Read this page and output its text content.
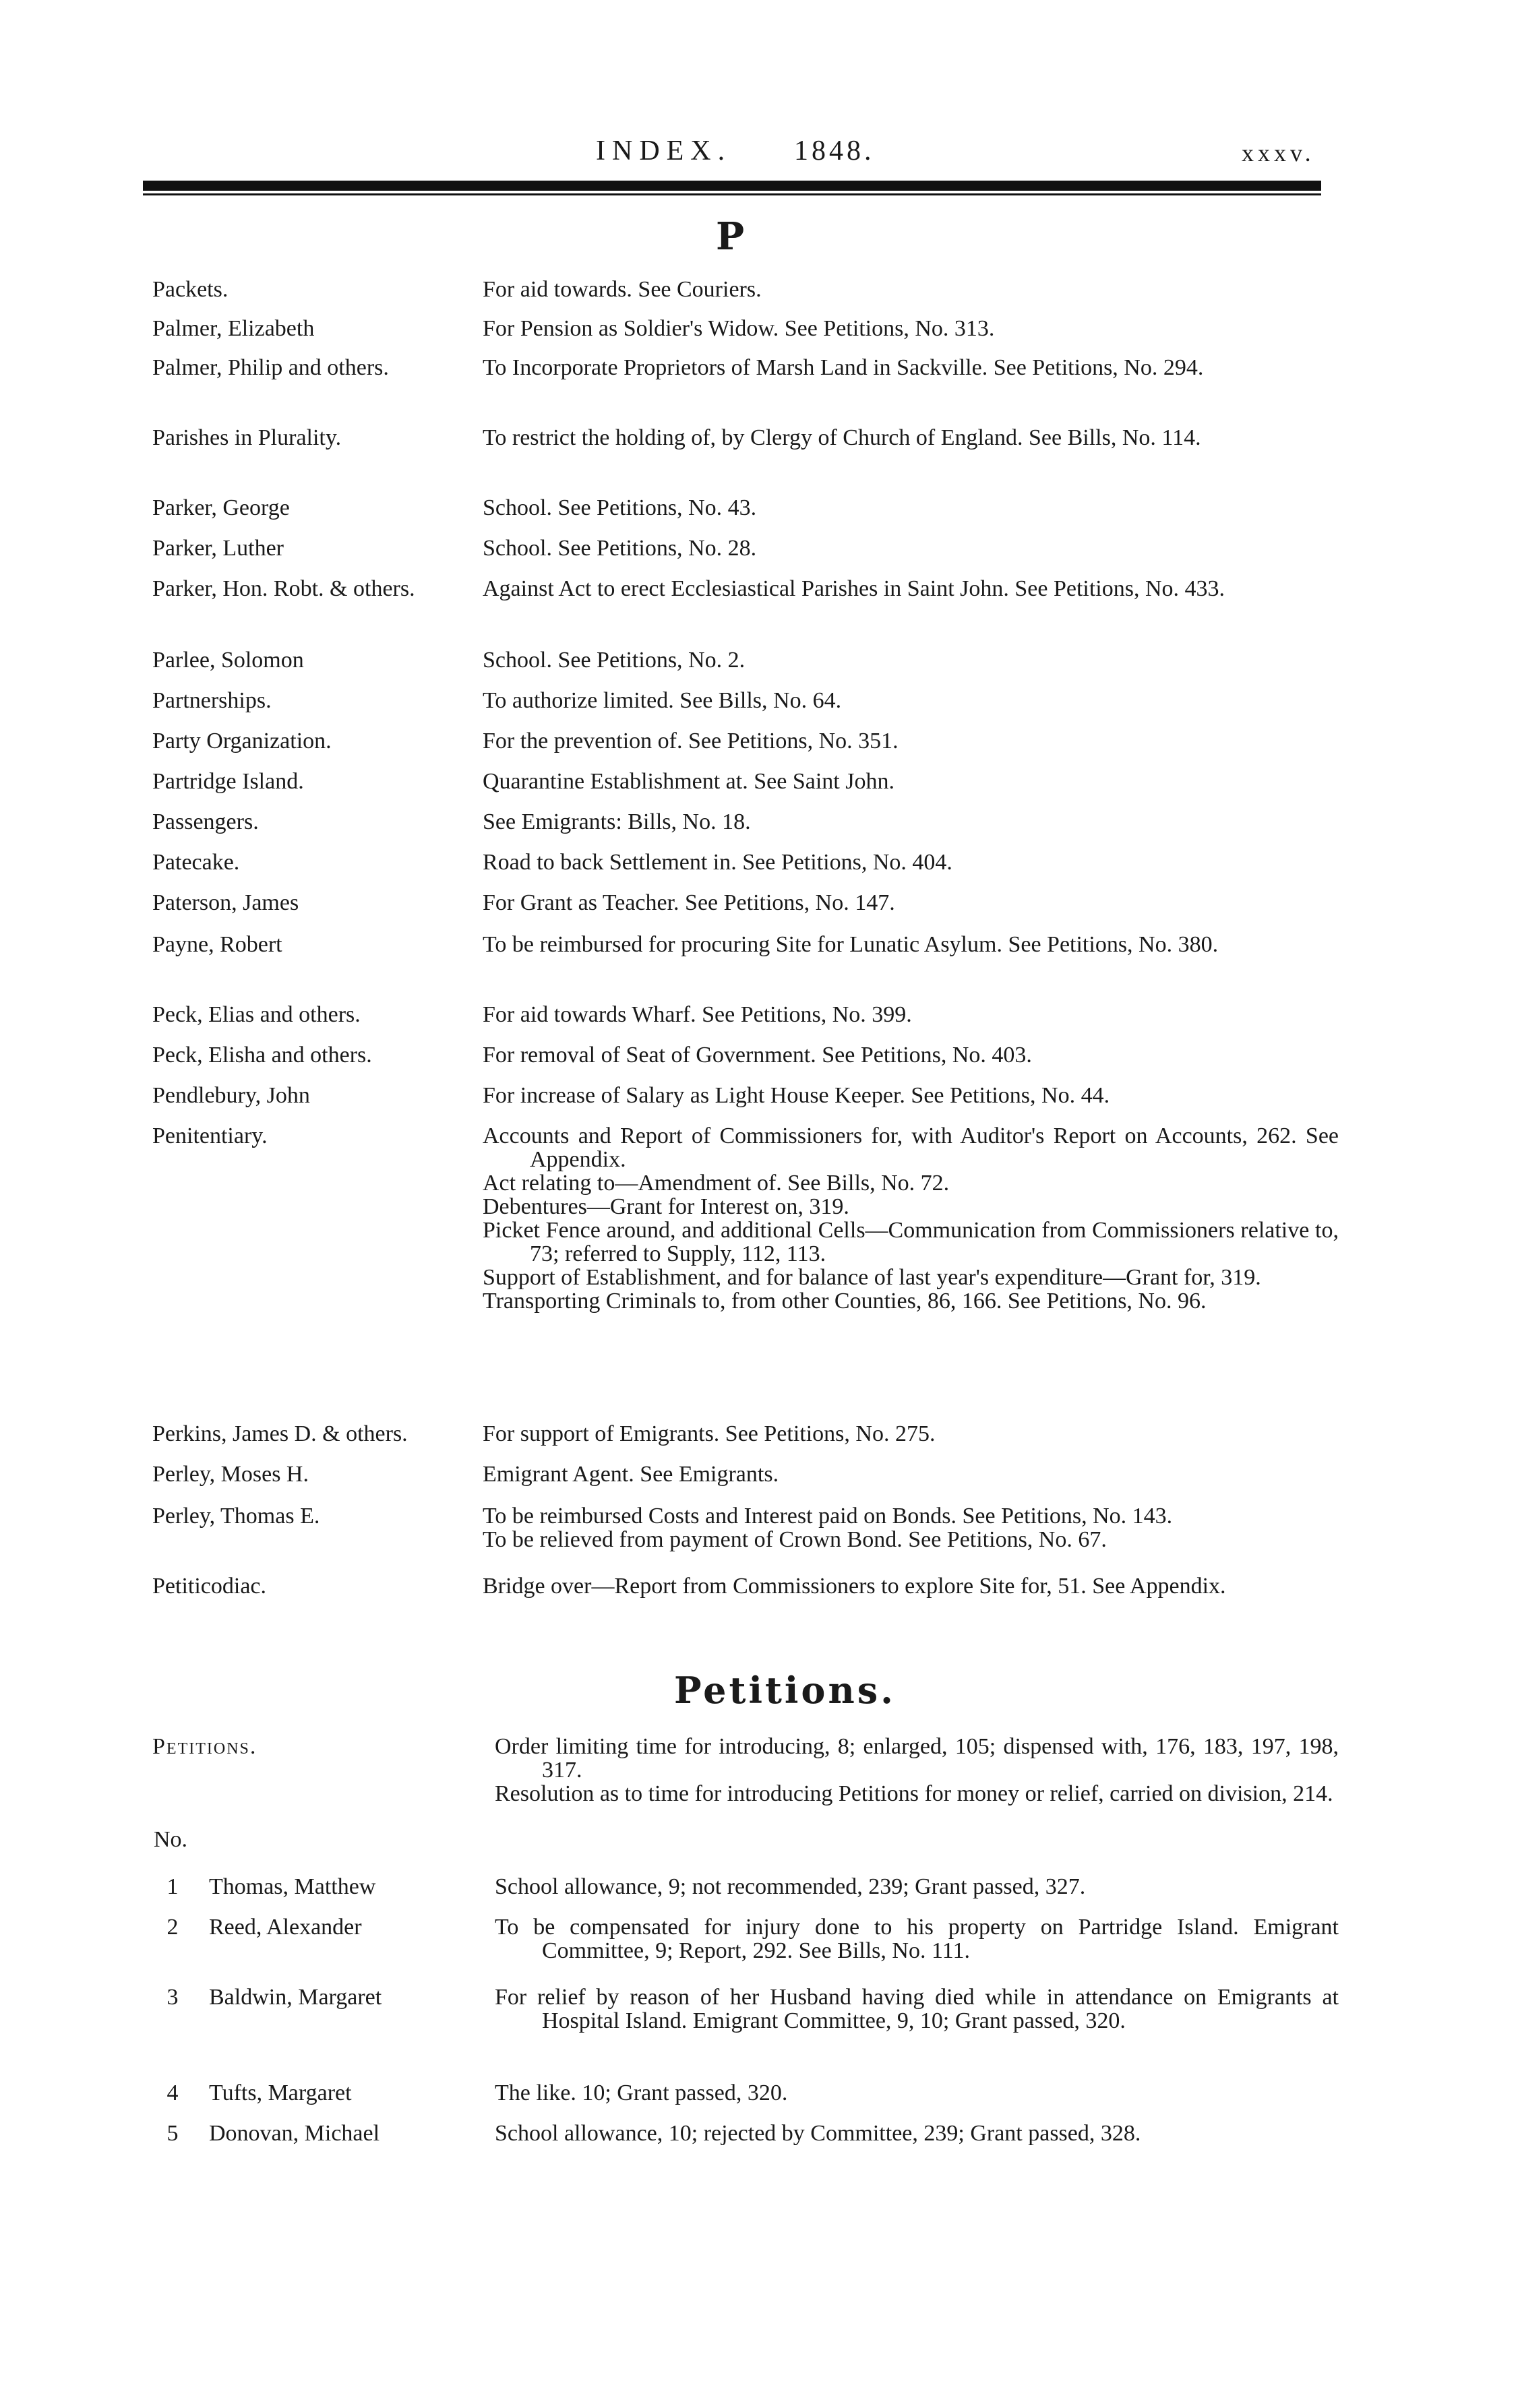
INDEX. 1848.	xxxv.
P
Packets.	For aid towards. See Couriers.
Palmer, Elizabeth	For Pension as Soldier's Widow. See Petitions, No. 313.
Palmer, Philip and others.	To Incorporate Proprietors of Marsh Land in Sackville. See Petitions, No. 294.
Parishes in Plurality.	To restrict the holding of, by Clergy of Church of England. See Bills, No. 114.
Parker, George	School. See Petitions, No. 43.
Parker, Luther	School. See Petitions, No. 28.
Parker, Hon. Robt. & others.	Against Act to erect Ecclesiastical Parishes in Saint John. See Petitions, No. 433.
Parlee, Solomon	School. See Petitions, No. 2.
Partnerships.	To authorize limited. See Bills, No. 64.
Party Organization.	For the prevention of. See Petitions, No. 351.
Partridge Island.	Quarantine Establishment at. See Saint John.
Passengers.	See Emigrants: Bills, No. 18.
Patecake.	Road to back Settlement in. See Petitions, No. 404.
Paterson, James	For Grant as Teacher. See Petitions, No. 147.
Payne, Robert	To be reimbursed for procuring Site for Lunatic Asylum. See Petitions, No. 380.
Peck, Elias and others.	For aid towards Wharf. See Petitions, No. 399.
Peck, Elisha and others.	For removal of Seat of Government. See Petitions, No. 403.
Pendlebury, John	For increase of Salary as Light House Keeper. See Petitions, No. 44.
Penitentiary.	Accounts and Report of Commissioners for, with Auditor's Report on Accounts, 262. See Appendix.
Act relating to—Amendment of. See Bills, No. 72.
Debentures—Grant for Interest on, 319.
Picket Fence around, and additional Cells—Communication from Commissioners relative to, 73; referred to Supply, 112, 113.
Support of Establishment, and for balance of last year's expenditure—Grant for, 319.
Transporting Criminals to, from other Counties, 86, 166. See Petitions, No. 96.
Perkins, James D. & others.	For support of Emigrants. See Petitions, No. 275.
Perley, Moses H.	Emigrant Agent. See Emigrants.
Perley, Thomas E.	To be reimbursed Costs and Interest paid on Bonds. See Petitions, No. 143.
To be relieved from payment of Crown Bond. See Petitions, No. 67.
Petiticodiac.	Bridge over—Report from Commissioners to explore Site for, 51. See Appendix.
Petitions.
Petitions.	Order limiting time for introducing, 8; enlarged, 105; dispensed with, 176, 183, 197, 198, 317.
Resolution as to time for introducing Petitions for money or relief, carried on division, 214.
No.
1	Thomas, Matthew	School allowance, 9; not recommended, 239; Grant passed, 327.
2	Reed, Alexander	To be compensated for injury done to his property on Partridge Island. Emigrant Committee, 9; Report, 292. See Bills, No. 111.
3	Baldwin, Margaret	For relief by reason of her Husband having died while in attendance on Emigrants at Hospital Island. Emigrant Committee, 9, 10; Grant passed, 320.
4	Tufts, Margaret	The like. 10; Grant passed, 320.
5	Donovan, Michael	School allowance, 10; rejected by Committee, 239; Grant passed, 328.
